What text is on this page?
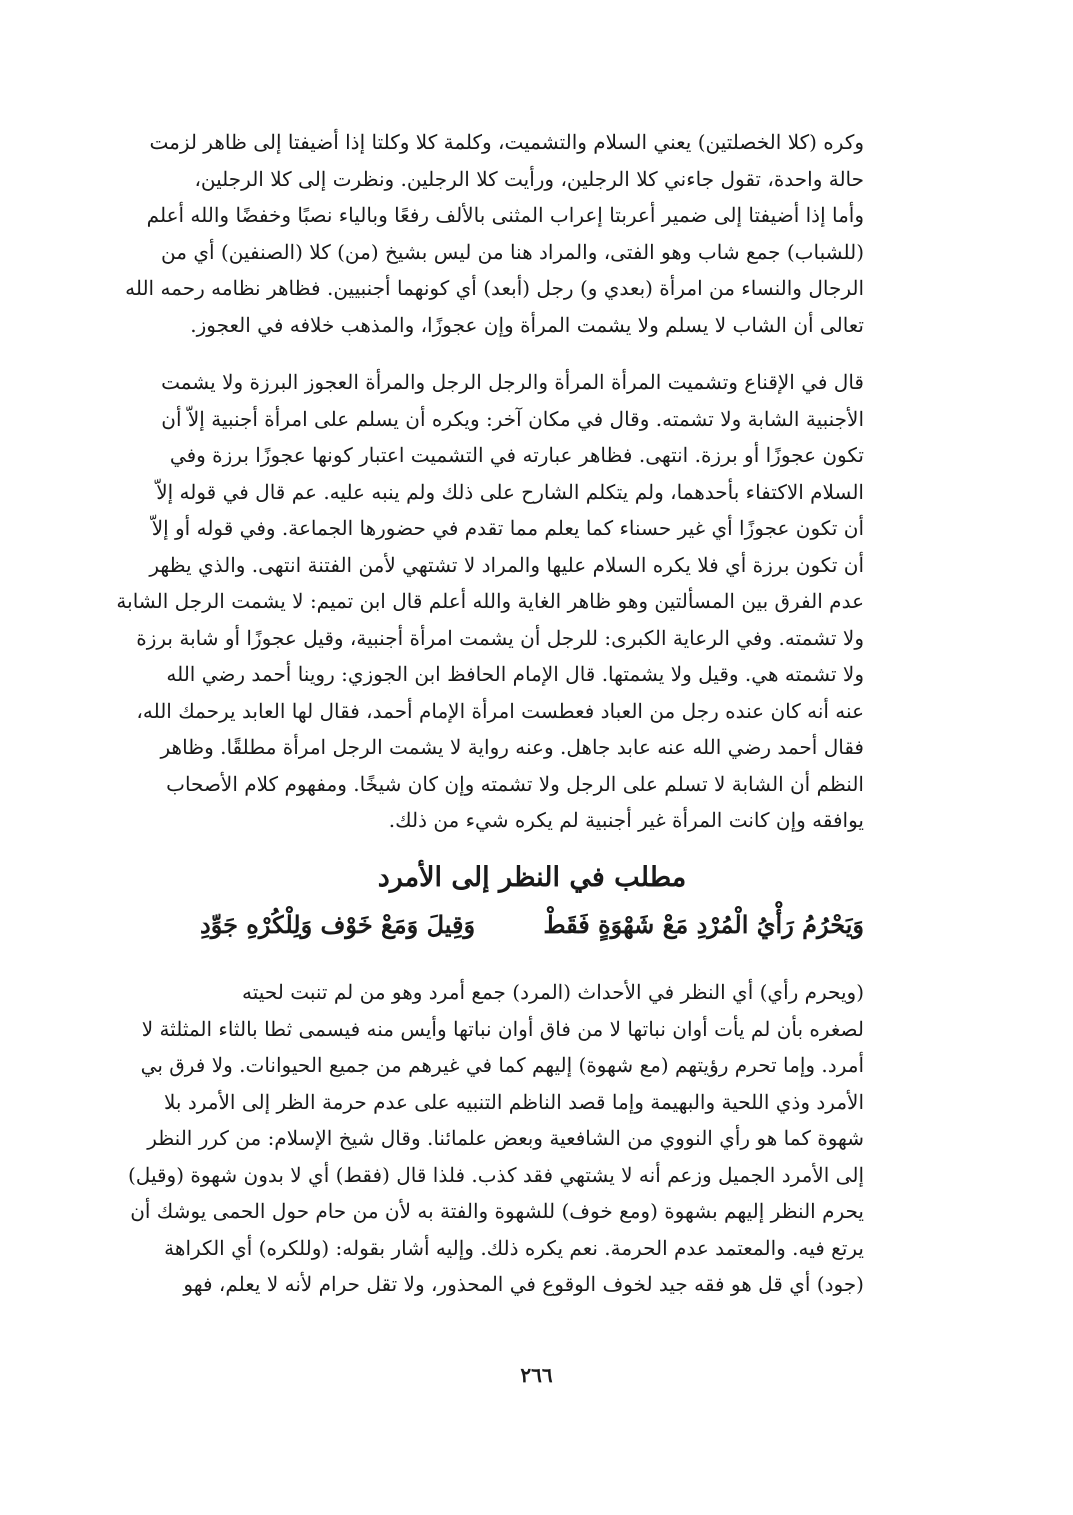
وكره (كلا الخصلتين) يعني السلام والتشميت، وكلمة كلا وكلتا إذا أضيفتا إلى ظاهر لزمت
حالة واحدة، تقول جاءني كلا الرجلين، ورأيت كلا الرجلين. ونظرت إلى كلا الرجلين،
وأما إذا أضيفتا إلى ضمير أعربتا إعراب المثنى بالألف رفعًا وبالياء نصبًا وخفضًا والله أعلم
(للشباب) جمع شاب وهو الفتى، والمراد هنا من ليس بشيخ (من) كلا (الصنفين) أي من
الرجال والنساء من امرأة (بعدي و) رجل (أبعد) أي كونهما أجنبيين. فظاهر نظامه رحمه الله
تعالى أن الشاب لا يسلم ولا يشمت المرأة وإن عجوزًا، والمذهب خلافه في العجوز.
قال في الإقناع وتشميت المرأة المرأة والرجل الرجل والمرأة العجوز البرزة ولا يشمت
الأجنبية الشابة ولا تشمته. وقال في مكان آخر: ويكره أن يسلم على امرأة أجنبية إلاّ أن
تكون عجوزًا أو برزة. انتهى. فظاهر عبارته في التشميت اعتبار كونها عجوزًا برزة وفي
السلام الاكتفاء بأحدهما، ولم يتكلم الشارح على ذلك ولم ينبه عليه. عم قال في قوله إلاّ
أن تكون عجوزًا أي غير حسناء كما يعلم مما تقدم في حضورها الجماعة. وفي قوله أو إلاّ
أن تكون برزة أي فلا يكره السلام عليها والمراد لا تشتهي لأمن الفتنة انتهى. والذي يظهر
عدم الفرق بين المسألتين وهو ظاهر الغاية والله أعلم قال ابن تميم: لا يشمت الرجل الشابة
ولا تشمته. وفي الرعاية الكبرى: للرجل أن يشمت امرأة أجنبية، وقيل عجوزًا أو شابة برزة
ولا تشمته هي. وقيل ولا يشمتها. قال الإمام الحافظ ابن الجوزي: روينا أحمد رضي الله
عنه أنه كان عنده رجل من العباد فعطست امرأة الإمام أحمد، فقال لها العابد يرحمك الله،
فقال أحمد رضي الله عنه عابد جاهل. وعنه رواية لا يشمت الرجل امرأة مطلقًا. وظاهر
النظم أن الشابة لا تسلم على الرجل ولا تشمته وإن كان شيخًا. ومفهوم كلام الأصحاب
يوافقه وإن كانت المرأة غير أجنبية لم يكره شيء من ذلك.
مطلب في النظر إلى الأمرد
وَيَحْرُمُ رَأْيُ الْمُرْدِ مَعْ شَهْوَةٍ فَقَطْ
وَقِيلَ وَمَعْ خَوْف وَلِلْكُرْهِ جَوِّدِ
(ويحرم رأي) أي النظر في الأحداث (المرد) جمع أمرد وهو من لم تنبت لحيته
لصغره بأن لم يأت أوان نباتها لا من فاق أوان نباتها وأيس منه فيسمى ثطا بالثاء المثلثة لا
أمرد. وإما تحرم رؤيتهم (مع شهوة) إليهم كما في غيرهم من جميع الحيوانات. ولا فرق بي
الأمرد وذي اللحية والبهيمة وإما قصد الناظم التنبيه على عدم حرمة الظر إلى الأمرد بلا
شهوة كما هو رأي النووي من الشافعية وبعض علمائنا. وقال شيخ الإسلام: من كرر النظر
إلى الأمرد الجميل وزعم أنه لا يشتهي فقد كذب. فلذا قال (فقط) أي لا بدون شهوة (وقيل)
يحرم النظر إليهم بشهوة (ومع خوف) للشهوة والفتة به لأن من حام حول الحمى يوشك أن
يرتع فيه. والمعتمد عدم الحرمة. نعم يكره ذلك. وإليه أشار بقوله: (وللكره) أي الكراهة
(جود) أي قل هو فقه جيد لخوف الوقوع في المحذور، ولا تقل حرام لأنه لا يعلم، فهو
٢٦٦
